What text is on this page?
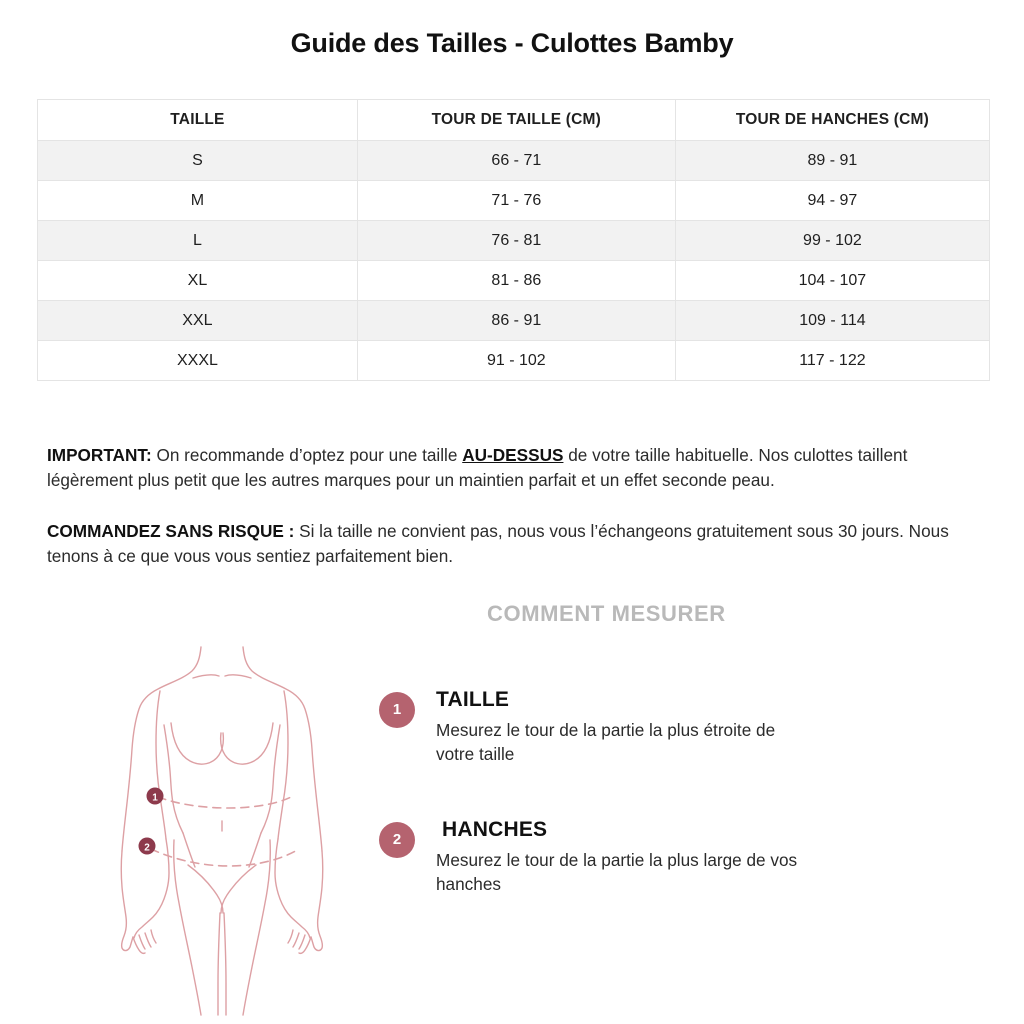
Guide des Tailles - Culottes Bamby
TAILLE	TOUR DE TAILLE (CM)	TOUR DE HANCHES (CM)
S	66 - 71	89 - 91
M	71 - 76	94 - 97
L	76 - 81	99 - 102
XL	81 - 86	104 - 107
XXL	86 - 91	109 - 114
XXXL	91 - 102	117 - 122

IMPORTANT: On recommande d’optez pour une taille AU-DESSUS de votre taille habituelle. Nos culottes taillent légèrement plus petit que les autres marques pour un maintien parfait et un effet seconde peau.

COMMANDEZ SANS RISQUE : Si la taille ne convient pas, nous vous l’échangeons gratuitement sous 30 jours. Nous tenons à ce que vous vous sentiez parfaitement bien.

COMMENT MESURER
1
2
1	TAILLE

Mesurez le tour de la partie la plus étroite de votre taille

2	HANCHES

Mesurez le tour de la partie la plus large de vos hanches
